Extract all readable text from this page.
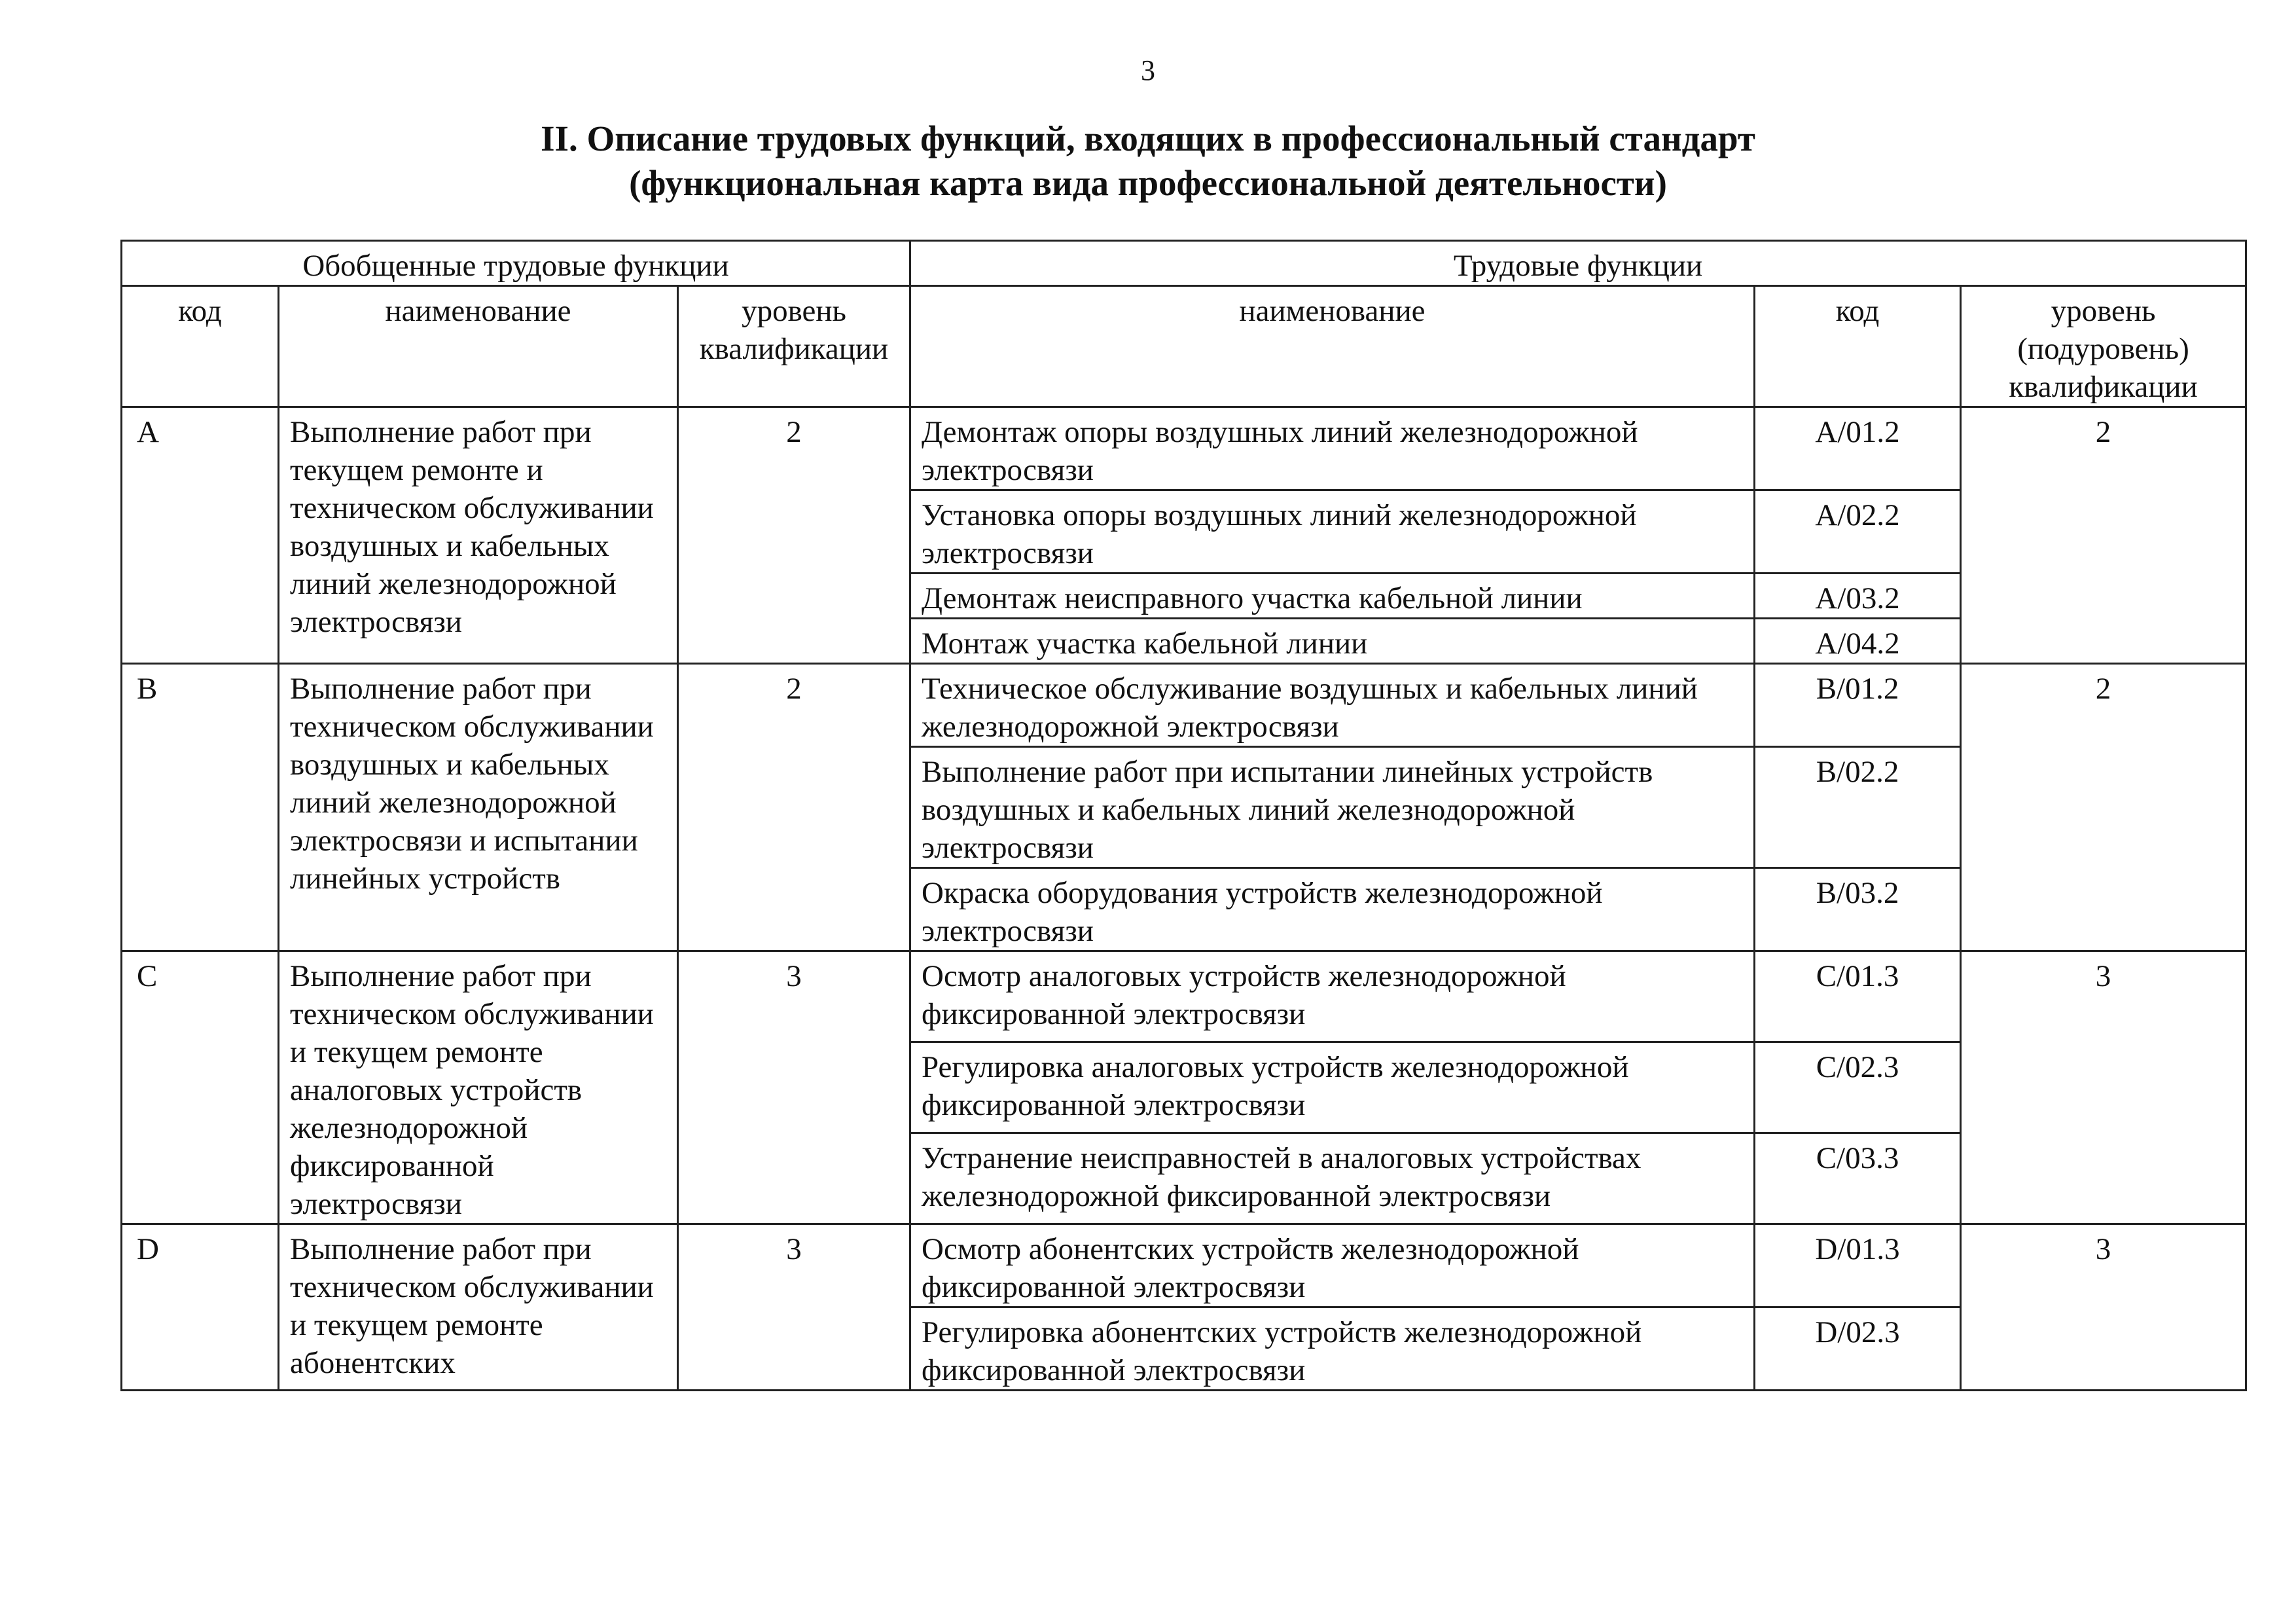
3
II. Описание трудовых функций, входящих в профессиональный стандарт
(функциональная карта вида профессиональной деятельности)
Обобщенные трудовые функции			Трудовые функции		
код	наименование	уровень квалификации	наименование	код	уровень (подуровень) квалификации
A	Выполнение работ при текущем ремонте и техническом обслуживании воздушных и кабельных линий железнодорожной электросвязи	2	Демонтаж опоры воздушных линий железнодорожной электросвязи	A/01.2	2
			Установка опоры воздушных линий железнодорожной электросвязи	A/02.2	
			Демонтаж неисправного участка кабельной линии	A/03.2	
			Монтаж участка кабельной линии	A/04.2	
B	Выполнение работ при техническом обслуживании воздушных и кабельных линий железнодорожной электросвязи и испытании линейных устройств	2	Техническое обслуживание воздушных и кабельных линий железнодорожной электросвязи	B/01.2	2
			Выполнение работ при испытании линейных устройств воздушных и кабельных линий железнодорожной электросвязи	B/02.2	
			Окраска оборудования устройств железнодорожной электросвязи	B/03.2	
C	Выполнение работ при техническом обслуживании и текущем ремонте аналоговых устройств железнодорожной фиксированной электросвязи	3	Осмотр аналоговых устройств железнодорожной фиксированной электросвязи	C/01.3	3
			Регулировка аналоговых устройств железнодорожной фиксированной электросвязи	C/02.3	
			Устранение неисправностей в аналоговых устройствах железнодорожной фиксированной электросвязи	C/03.3	
D	Выполнение работ при техническом обслуживании и текущем ремонте абонентских	3	Осмотр абонентских устройств железнодорожной фиксированной электросвязи	D/01.3	3
			Регулировка абонентских устройств железнодорожной фиксированной электросвязи	D/02.3	
